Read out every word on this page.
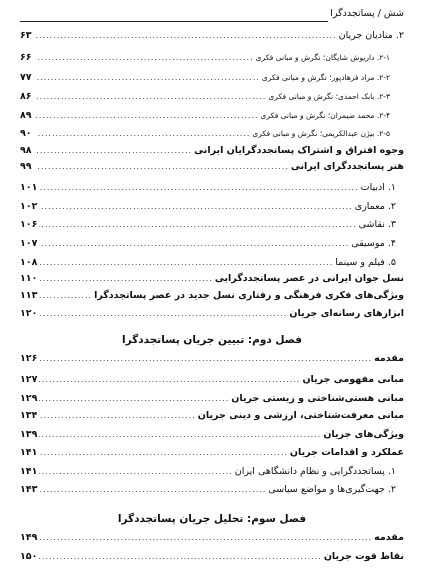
شش / پساتجددگرا
۲. منادیان جریان
.....
۶۳
۲-۱. داریوش شایگان؛ نگرش و مبانی فکری
.....
۶۶
۲-۲. مراد فرهادپور؛ نگرش و مبانی فکری
.....
۷۷
۲-۳. بابک احمدی؛ نگرش و مبانی فکری
.....
۸۶
۲-۴. محمد ضیمران؛ نگرش و مبانی فکری
.....
۸۹
۲-۵. بیژن عبدالکریمی؛ نگرش و مبانی فکری
.....
۹۰
وجوه افتراق و اشتراک پساتجددگرایان ایرانی
.....
۹۸
هنر پساتجددگرای ایرانی
.....
۹۹
۱. ادبیات
.....
۱۰۱
۲. معماری
.....
۱۰۲
۳. نقاشی
.....
۱۰۶
۴. موسیقی
.....
۱۰۷
۵. فیلم و سینما
.....
۱۰۸
نسل جوان ایرانی در عصر پساتجددگرایی
.....
۱۱۰
ویژگی‌های فکری فرهنگی و رفتاری نسل جدید در عصر پساتجددگرا
.....
۱۱۳
ابزارهای رسانه‌ای جریان
.....
۱۲۰
مقدمه
.....
۱۲۶
مبانی مفهومی جریان
.....
۱۲۷
مبانی هستی‌شناختی و زیستی جریان
.....
۱۲۹
مبانی معرفت‌شناختی، ارزشی و دینی جریان
.....
۱۳۴
ویژگی‌های جریان
.....
۱۳۹
عملکرد و اقدامات جریان
.....
۱۴۱
۱. پساتجددگرایی و نظام دانشگاهی ایران
.....
۱۴۱
۲. جهت‌گیری‌ها و مواضع سیاسی
.....
۱۴۳
مقدمه
.....
۱۴۹
نقاط قوت جریان
.....
۱۵۰
فصل دوم: تبیین جریان پساتجددگرا
فصل سوم: تحلیل جریان پساتجددگرا
